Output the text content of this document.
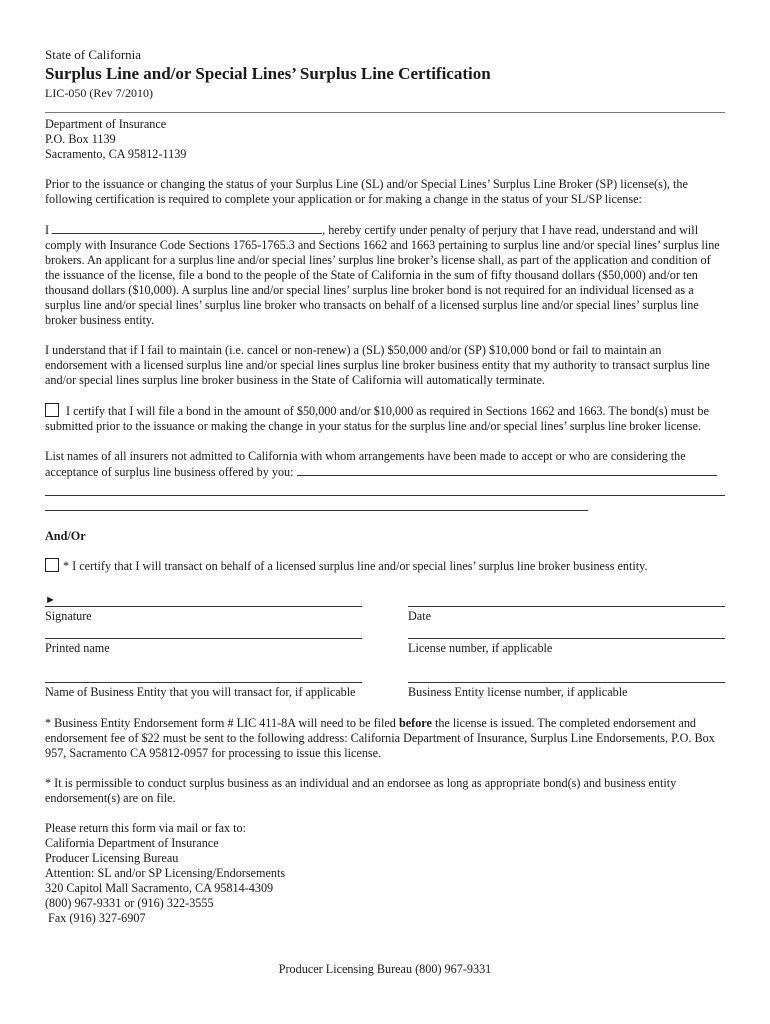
State of California

Surplus Line and/or Special Lines’ Surplus Line Certification

LIC-050 (Rev 7/2010)

Department of Insurance

P.O. Box 1139

Sacramento, CA 95812-1139

Prior to the issuance or changing the status of your Surplus Line (SL) and/or Special Lines’ Surplus Line Broker (SP) license(s), the following certification is required to complete your application or for making a change in the status of your SL/SP license:

I	, hereby certify under penalty of perjury that I have read, understand and will comply with Insurance Code Sections 1765-1765.3 and Sections 1662 and 1663 pertaining to surplus line and/or special lines’ surplus line brokers. An applicant for a surplus line and/or special lines’ surplus line broker’s license shall, as part of the application and condition of the issuance of the license, file a bond to the people of the State of California in the sum of fifty thousand dollars ($50,000) and/or ten thousand dollars ($10,000). A surplus line and/or special lines’ surplus line broker bond is not required for an individual licensed as a surplus line and/or special lines’ surplus line broker who transacts on behalf of a licensed surplus line and/or special lines’ surplus line broker business entity.

I understand that if I fail to maintain (i.e. cancel or non-renew) a (SL) $50,000 and/or (SP) $10,000 bond or fail to maintain an endorsement with a licensed surplus line and/or special lines surplus line broker business entity that my authority to transact surplus line and/or special lines surplus line broker business in the State of California will automatically terminate.

I certify that I will file a bond in the amount of $50,000 and/or $10,000 as required in Sections 1662 and 1663. The bond(s) must be submitted prior to the issuance or making the change in your status for the surplus line and/or special lines’ surplus line broker license.

List names of all insurers not admitted to California with whom arrangements have been made to accept or who are considering the acceptance of surplus line business offered by you:

And/Or

* I certify that I will transact on behalf of a licensed surplus line and/or special lines’ surplus line broker business entity.

►
Signature	Date
Printed name	License number, if applicable
Name of Business Entity that you will transact for, if applicable	Business Entity license number, if applicable

* Business Entity Endorsement form # LIC 411-8A will need to be filed before the license is issued. The completed endorsement and endorsement fee of $22 must be sent to the following address: California Department of Insurance, Surplus Line Endorsements, P.O. Box 957, Sacramento CA 95812-0957 for processing to issue this license.

* It is permissible to conduct surplus business as an individual and an endorsee as long as appropriate bond(s) and business entity endorsement(s) are on file.

Please return this form via mail or fax to:

California Department of Insurance

Producer Licensing Bureau

Attention: SL and/or SP Licensing/Endorsements

320 Capitol Mall Sacramento, CA 95814-4309

(800) 967-9331 or (916) 322-3555

Fax (916) 327-6907

Producer Licensing Bureau (800) 967-9331
